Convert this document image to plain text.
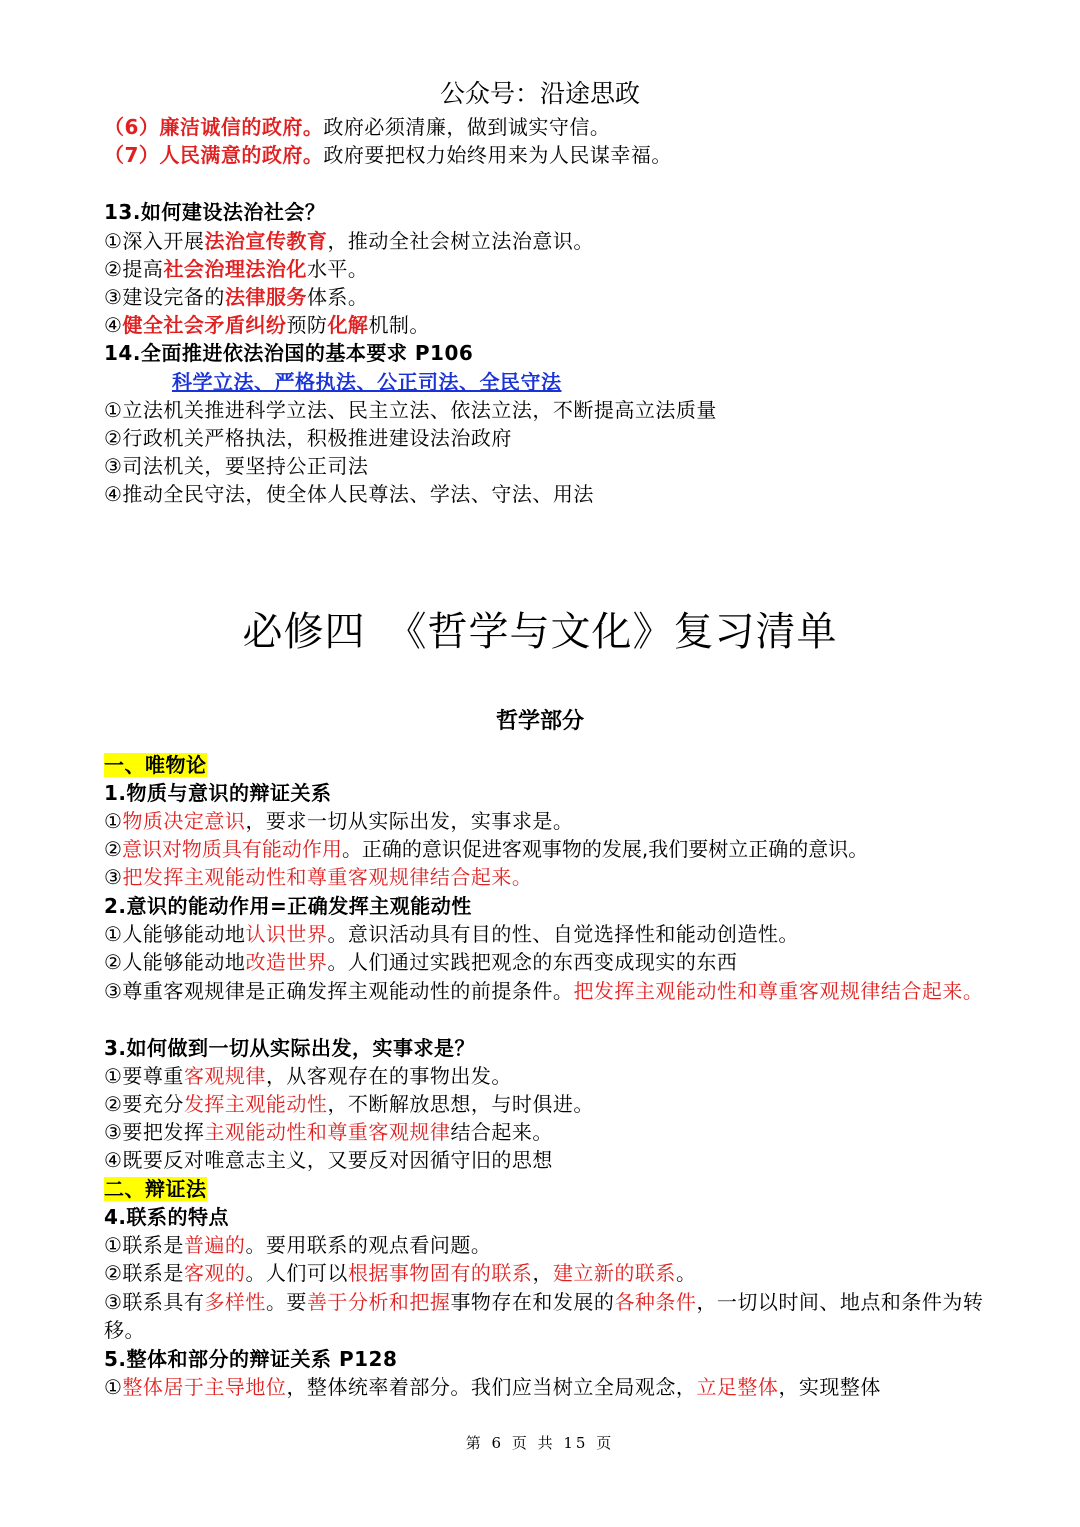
公众号：沿途思政
（6）廉洁诚信的政府。政府必须清廉，做到诚实守信。
（7）人民满意的政府。政府要把权力始终用来为人民谋幸福。
13.如何建设法治社会？
①深入开展法治宣传教育，推动全社会树立法治意识。
②提高社会治理法治化水平。
③建设完备的法律服务体系。
④健全社会矛盾纠纷预防化解机制。
14.全面推进依法治国的基本要求 P106
科学立法、严格执法、公正司法、全民守法
①立法机关推进科学立法、民主立法、依法立法，不断提高立法质量
②行政机关严格执法，积极推进建设法治政府
③司法机关，要坚持公正司法
④推动全民守法，使全体人民尊法、学法、守法、用法
必修四　《哲学与文化》复习清单
哲学部分
一、唯物论
1.物质与意识的辩证关系
①物质决定意识，要求一切从实际出发，实事求是。
②意识对物质具有能动作用。正确的意识促进客观事物的发展,我们要树立正确的意识。
③把发挥主观能动性和尊重客观规律结合起来。
2.意识的能动作用=正确发挥主观能动性
①人能够能动地认识世界。意识活动具有目的性、自觉选择性和能动创造性。
②人能够能动地改造世界。人们通过实践把观念的东西变成现实的东西
③尊重客观规律是正确发挥主观能动性的前提条件。把发挥主观能动性和尊重客观规律结合起来。
3.如何做到一切从实际出发，实事求是？
①要尊重客观规律，从客观存在的事物出发。
②要充分发挥主观能动性，不断解放思想，与时俱进。
③要把发挥主观能动性和尊重客观规律结合起来。
④既要反对唯意志主义，又要反对因循守旧的思想
二、辩证法
4.联系的特点
①联系是普遍的。要用联系的观点看问题。
②联系是客观的。人们可以根据事物固有的联系，建立新的联系。
③联系具有多样性。要善于分析和把握事物存在和发展的各种条件，一切以时间、地点和条件为转移。
5.整体和部分的辩证关系 P128
①整体居于主导地位，整体统率着部分。我们应当树立全局观念，立足整体，实现整体
第 6 页 共 15 页
